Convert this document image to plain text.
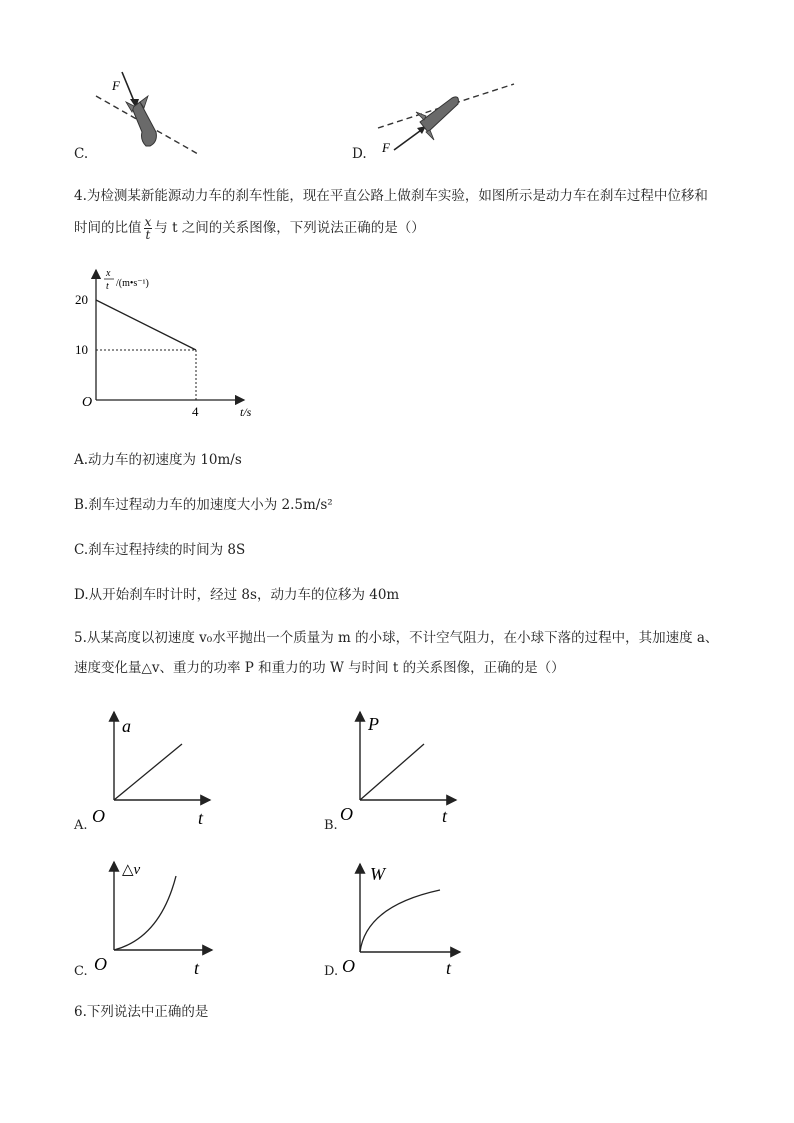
F
C.	F
D.
4.为检测某新能源动力车的刹车性能，现在平直公路上做刹车实验，如图所示是动力车在刹车过程中位移和
时间的比值 $\frac{x}{t}$ 与 t 之间的关系图像，下列说法正确的是（）
20
10
4
O
t/s
x
t /(m•s⁻¹)
A.动力车的初速度为 10m/s
B.刹车过程动力车的加速度大小为 2.5m/s²
C.刹车过程持续的时间为 8S
D.从开始刹车时计时，经过 8s，动力车的位移为 40m
5.从某高度以初速度 v₀水平抛出一个质量为 m 的小球，不计空气阻力，在小球下落的过程中，其加速度 a、
速度变化量△v、重力的功率 P 和重力的功 W 与时间 t 的关系图像，正确的是（）
a
O	t
A.
P
O	t
B.
△v
O	t
C.
W
O	t
D.
6.下列说法中正确的是
